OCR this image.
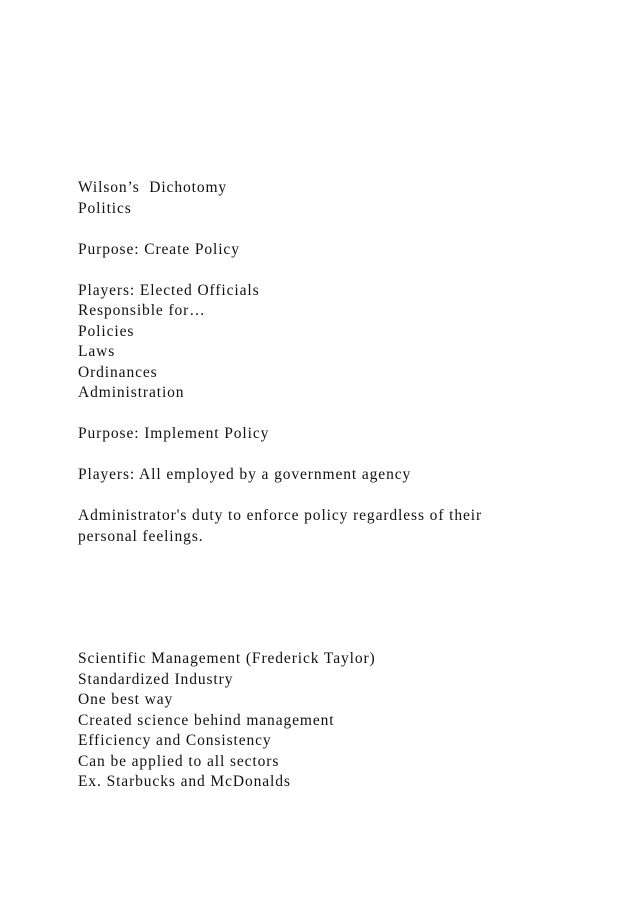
Wilson’s  Dichotomy
Politics
Purpose: Create Policy
Players: Elected Officials
Responsible for…
Policies
Laws
Ordinances
Administration
Purpose: Implement Policy
Players: All employed by a government agency
Administrator's duty to enforce policy regardless of their
personal feelings.
Scientific Management (Frederick Taylor)
Standardized Industry
One best way
Created science behind management
Efficiency and Consistency
Can be applied to all sectors
Ex. Starbucks and McDonalds
